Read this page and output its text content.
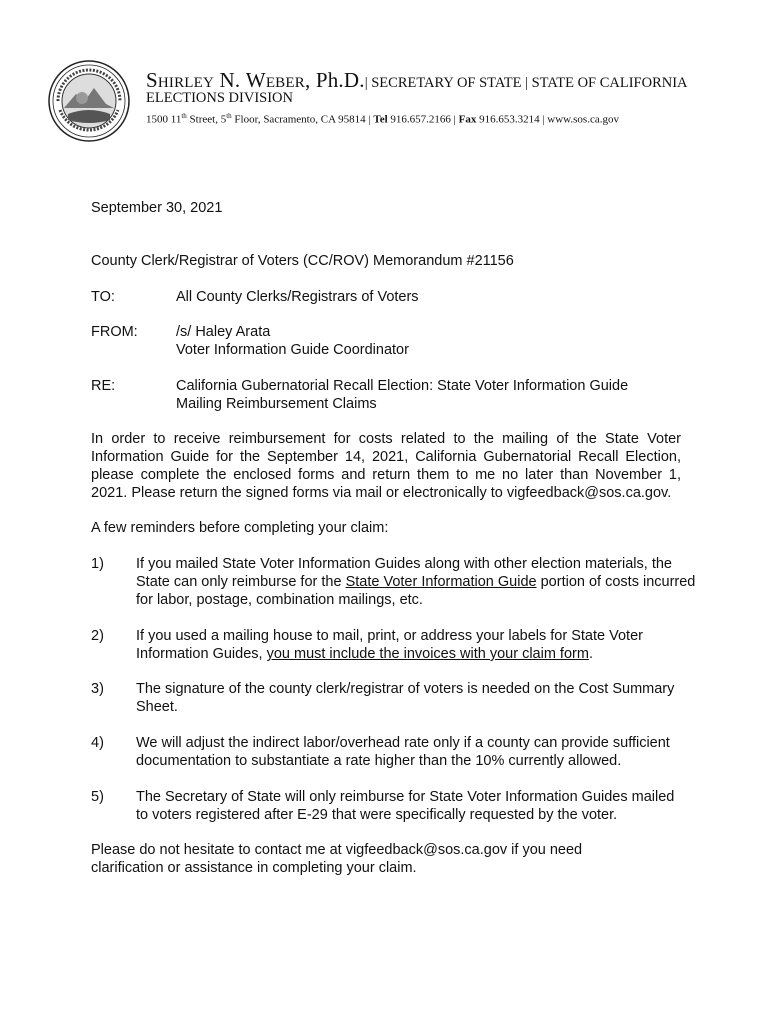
Shirley N. Weber, Ph.D.| SECRETARY OF STATE | STATE OF CALIFORNIA
ELECTIONS DIVISION
1500 11th Street, 5th Floor, Sacramento, CA 95814 | Tel 916.657.2166 | Fax 916.653.3214 | www.sos.ca.gov
September 30, 2021
County Clerk/Registrar of Voters (CC/ROV) Memorandum #21156
TO:	All County Clerks/Registrars of Voters
FROM:	/s/ Haley Arata
Voter Information Guide Coordinator
RE:	California Gubernatorial Recall Election: State Voter Information Guide
Mailing Reimbursement Claims
In order to receive reimbursement for costs related to the mailing of the State Voter Information Guide for the September 14, 2021, California Gubernatorial Recall Election, please complete the enclosed forms and return them to me no later than November 1, 2021. Please return the signed forms via mail or electronically to vigfeedback@sos.ca.gov.
A few reminders before completing your claim:
1) If you mailed State Voter Information Guides along with other election materials, the State can only reimburse for the State Voter Information Guide portion of costs incurred for labor, postage, combination mailings, etc.
2) If you used a mailing house to mail, print, or address your labels for State Voter Information Guides, you must include the invoices with your claim form.
3) The signature of the county clerk/registrar of voters is needed on the Cost Summary Sheet.
4) We will adjust the indirect labor/overhead rate only if a county can provide sufficient documentation to substantiate a rate higher than the 10% currently allowed.
5) The Secretary of State will only reimburse for State Voter Information Guides mailed to voters registered after E-29 that were specifically requested by the voter.
Please do not hesitate to contact me at vigfeedback@sos.ca.gov if you need clarification or assistance in completing your claim.
